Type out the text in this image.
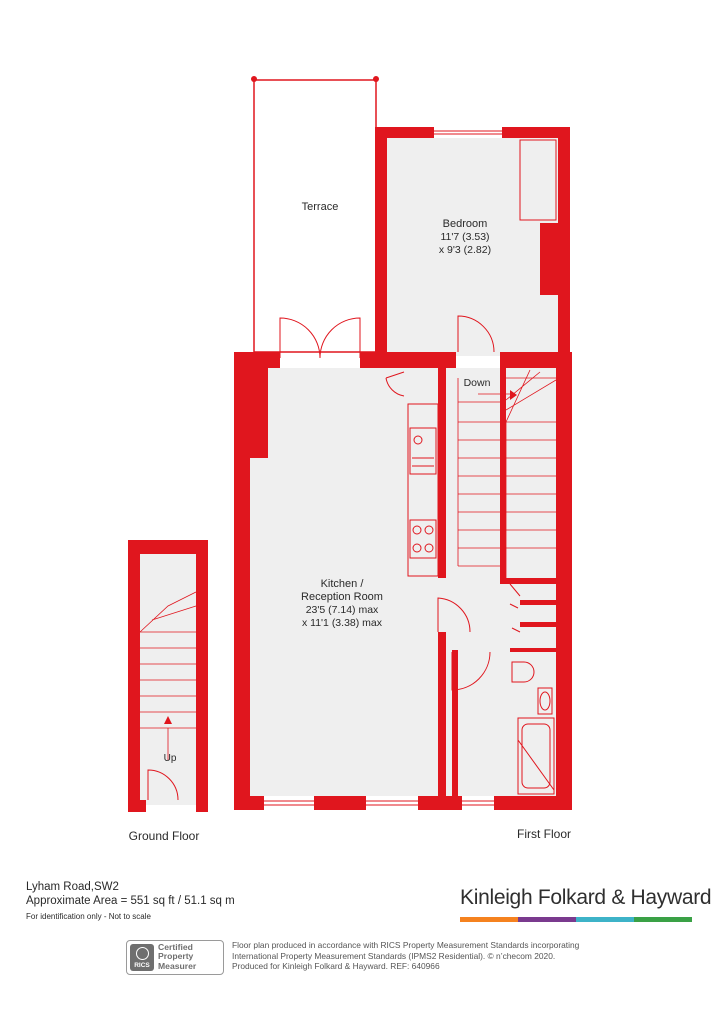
Terrace
Bedroom
11'7 (3.53)
x 9'3 (2.82)
Kitchen /
Reception Room
23'5 (7.14) max
x 11'1 (3.38) max
Down
Up
Ground Floor	First Floor
Lyham Road,SW2
Approximate Area = 551 sq ft / 51.1 sq m
For identification only - Not to scale
Kinleigh Folkard & Hayward
RICS
Certified
Property
Measurer
Floor plan produced in accordance with RICS Property Measurement Standards incorporating
International Property Measurement Standards (IPMS2 Residential). © n’checom 2020.
Produced for Kinleigh Folkard & Hayward. REF: 640966
